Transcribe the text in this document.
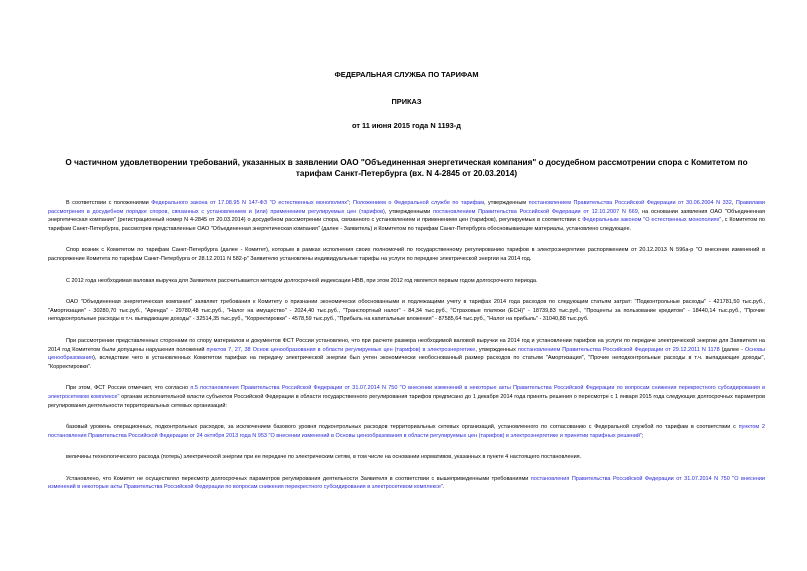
ФЕДЕРАЛЬНАЯ СЛУЖБА ПО ТАРИФАМ
ПРИКАЗ
от 11 июня 2015 года N 1193-д
О частичном удовлетворении требований, указанных в заявлении ОАО "Объединенная энергетическая компания" о досудебном рассмотрении спора с Комитетом по тарифам Санкт-Петербурга (вх. N 4-2845 от 20.03.2014)

В соответствии с положениями Федерального закона от 17.08.95 N 147-ФЗ "О естественных монополиях"; Положением о Федеральной службе по тарифам, утвержденным постановлением Правительства Российской Федерации от 30.06.2004 N 332, Правилами рассмотрения в досудебном порядке споров, связанных с установлением и (или) применением регулируемых цен (тарифов), утвержденными постановлением Правительства Российской Федерации от 12.10.2007 N 669, на основании заявления ОАО "Объединенная энергетическая компания" (регистрационный номер N 4-2845 от 20.03.2014) о досудебном рассмотрении спора, связанного с установлением и применением цен (тарифов), регулируемых в соответствии с Федеральным законом "О естественных монополиях", с Комитетом по тарифам Санкт-Петербурга, рассмотрев представленные ОАО "Объединенная энергетическая компания" (далее - Заявитель) и Комитетом по тарифам Санкт-Петербурга обосновывающие материалы, установлено следующее.

Спор возник с Комитетом по тарифам Санкт-Петербурга (далее - Комитет), которым в рамках исполнения своих полномочий по государственному регулированию тарифов в электроэнергетике распоряжением от 20.12.2013 N 596а-р "О внесении изменений в распоряжение Комитета по тарифам Санкт-Петербурга от 28.12.2011 N 582-р" Заявителю установлены индивидуальные тарифы на услуги по передаче электрической энергии на 2014 год.

С 2012 года необходимая валовая выручка для Заявителя рассчитывается методом долгосрочной индексации НВВ, при этом 2012 год является первым годом долгосрочного периода.

ОАО "Объединенная энергетическая компания" заявляет требования к Комитету о признании экономически обоснованными и подлежащими учету в тарифах 2014 года расходов по следующим статьям затрат: "Подконтрольные расходы" - 421781,50 тыс.руб., "Амортизация" - 30280,70 тыс.руб., "Аренда" - 29780,48 тыс.руб., "Налог на имущество" - 2024,40 тыс.руб., "Транспортный налог" - 84,34 тыс.руб., "Страховые платежи (ЕСН)" - 18739,83 тыс.руб., "Проценты за пользование кредитом" - 18440,14 тыс.руб., "Прочие неподконтрольные расходы в т.ч. выпадающие доходы" - 32514,35 тыс.руб., "Корректировки" - 4578,59 тыс.руб., "Прибыль на капитальные вложения" - 87585,64 тыс.руб., "Налог на прибыль" - 31040,88 тыс.руб.

При рассмотрении представленных сторонами по спору материалов и документов ФСТ России установлено, что при расчете размера необходимой валовой выручки на 2014 год и установлении тарифов на услуги по передаче электрической энергии для Заявителя на 2014 год Комитетом были допущены нарушения положений пунктов 7, 27, 38 Основ ценообразования в области регулируемых цен (тарифов) в электроэнергетике, утвержденных постановлением Правительства Российской Федерации от 29.12.2011 N 1178 (далее - Основы ценообразования), вследствие чего в установленных Комитетом тарифах на передачу электрической энергии был учтен экономически необоснованный размер расходов по статьям "Амортизация", "Прочие неподконтрольные расходы в т.ч. выпадающие доходы", "Корректировки".

При этом, ФСТ России отмечает, что согласно п.5 постановления Правительства Российской Федерации от 31.07.2014 N 750 "О внесении изменений в некоторые акты Правительства Российской Федерации по вопросам снижения перекрестного субсидирования в электросетевом комплексе" органам исполнительной власти субъектов Российской Федерации в области государственного регулирования тарифов предписано до 1 декабря 2014 года принять решения о пересмотре с 1 января 2015 года следующих долгосрочных параметров регулирования деятельности территориальных сетевых организаций:

базовый уровень операционных, подконтрольных расходов, за исключением базового уровня подконтрольных расходов территориальных сетевых организаций, установленного по согласованию с Федеральной службой по тарифам в соответствии с пунктом 2 постановления Правительства Российской Федерации от 24 октября 2013 года N 953 "О внесении изменений в Основы ценообразования в области регулируемых цен (тарифов) в электроэнергетике и принятии тарифных решений";

величины технологического расхода (потерь) электрической энергии при ее передаче по электрическим сетям, в том числе на основании нормативов, указанных в пункте 4 настоящего постановления.

Установлено, что Комитет не осуществлял пересмотр долгосрочных параметров регулирования деятельности Заявителя в соответствии с вышеприведенными требованиями постановления Правительства Российской Федерации от 31.07.2014 N 750 "О внесении изменений в некоторые акты Правительства Российской Федерации по вопросам снижения перекрестного субсидирования в электросетевом комплексе".
